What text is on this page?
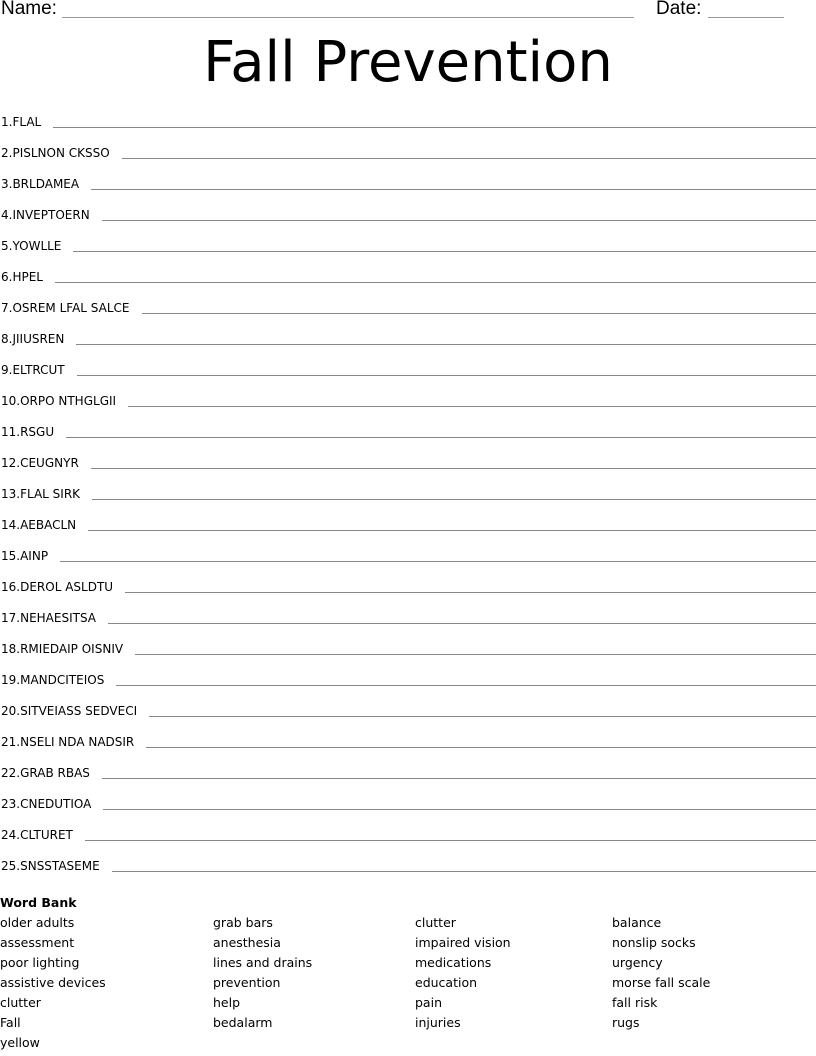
Name:	Date:
Fall Prevention
1. FLAL
2. PISLNON CKSSO
3. BRLDAMEA
4. INVEPTOERN
5. YOWLLE
6. HPEL
7. OSREM LFAL SALCE
8. JIIUSREN
9. ELTRCUT
10. ORPO NTHGLGII
11. RSGU
12. CEUGNYR
13. FLAL SIRK
14. AEBACLN
15. AINP
16. DEROL ASLDTU
17. NEHAESITSA
18. RMIEDAIP OISNIV
19. MANDCITEIOS
20. SITVEIASS SEDVECI
21. NSELI NDA NADSIR
22. GRAB RBAS
23. CNEDUTIOA
24. CLTURET
25. SNSSTASEME
Word Bank
older adults
assessment
poor lighting
assistive devices
clutter
Fall
yellow
grab bars
anesthesia
lines and drains
prevention
help
bedalarm
clutter
impaired vision
medications
education
pain
injuries
balance
nonslip socks
urgency
morse fall scale
fall risk
rugs
